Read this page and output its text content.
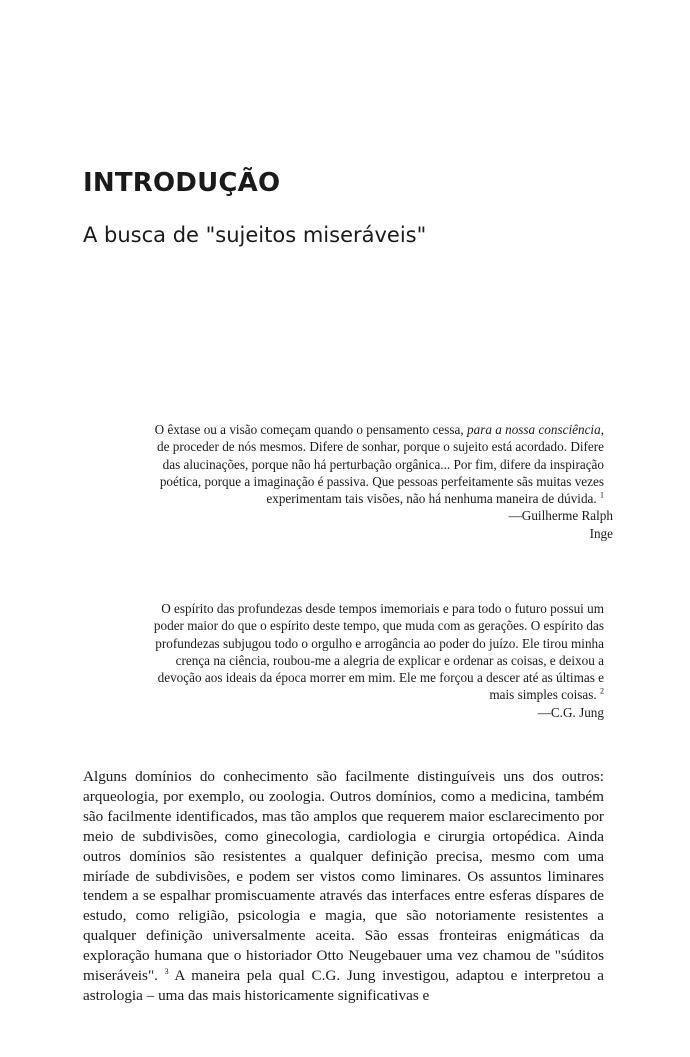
INTRODUÇÃO
A busca de "sujeitos miseráveis"

O êxtase ou a visão começam quando o pensamento cessa, para a nossa consciência, de proceder de nós mesmos. Difere de sonhar, porque o sujeito está acordado. Difere das alucinações, porque não há perturbação orgânica... Por fim, difere da inspiração poética, porque a imaginação é passiva. Que pessoas perfeitamente sãs muitas vezes experimentam tais visões, não há nenhuma maneira de dúvida. $^1$

—Guilherme Ralph Inge

O espírito das profundezas desde tempos imemoriais e para todo o futuro possui um poder maior do que o espírito deste tempo, que muda com as gerações. O espírito das profundezas subjugou todo o orgulho e arrogância ao poder do juízo. Ele tirou minha crença na ciência, roubou-me a alegria de explicar e ordenar as coisas, e deixou a devoção aos ideais da época morrer em mim. Ele me forçou a descer até as últimas e mais simples coisas. $^2$

—C.G. Jung

Alguns domínios do conhecimento são facilmente distinguíveis uns dos outros: arqueologia, por exemplo, ou zoologia. Outros domínios, como a medicina, também são facilmente identificados, mas tão amplos que requerem maior esclarecimento por meio de subdivisões, como ginecologia, cardiologia e cirurgia ortopédica. Ainda outros domínios são resistentes a qualquer definição precisa, mesmo com uma miríade de subdivisões, e podem ser vistos como liminares. Os assuntos liminares tendem a se espalhar promiscuamente através das interfaces entre esferas díspares de estudo, como religião, psicologia e magia, que são notoriamente resistentes a qualquer definição universalmente aceita. São essas fronteiras enigmáticas da exploração humana que o historiador Otto Neugebauer uma vez chamou de "súditos miseráveis". $^3$ A maneira pela qual C.G. Jung investigou, adaptou e interpretou a astrologia – uma das mais historicamente significativas e
